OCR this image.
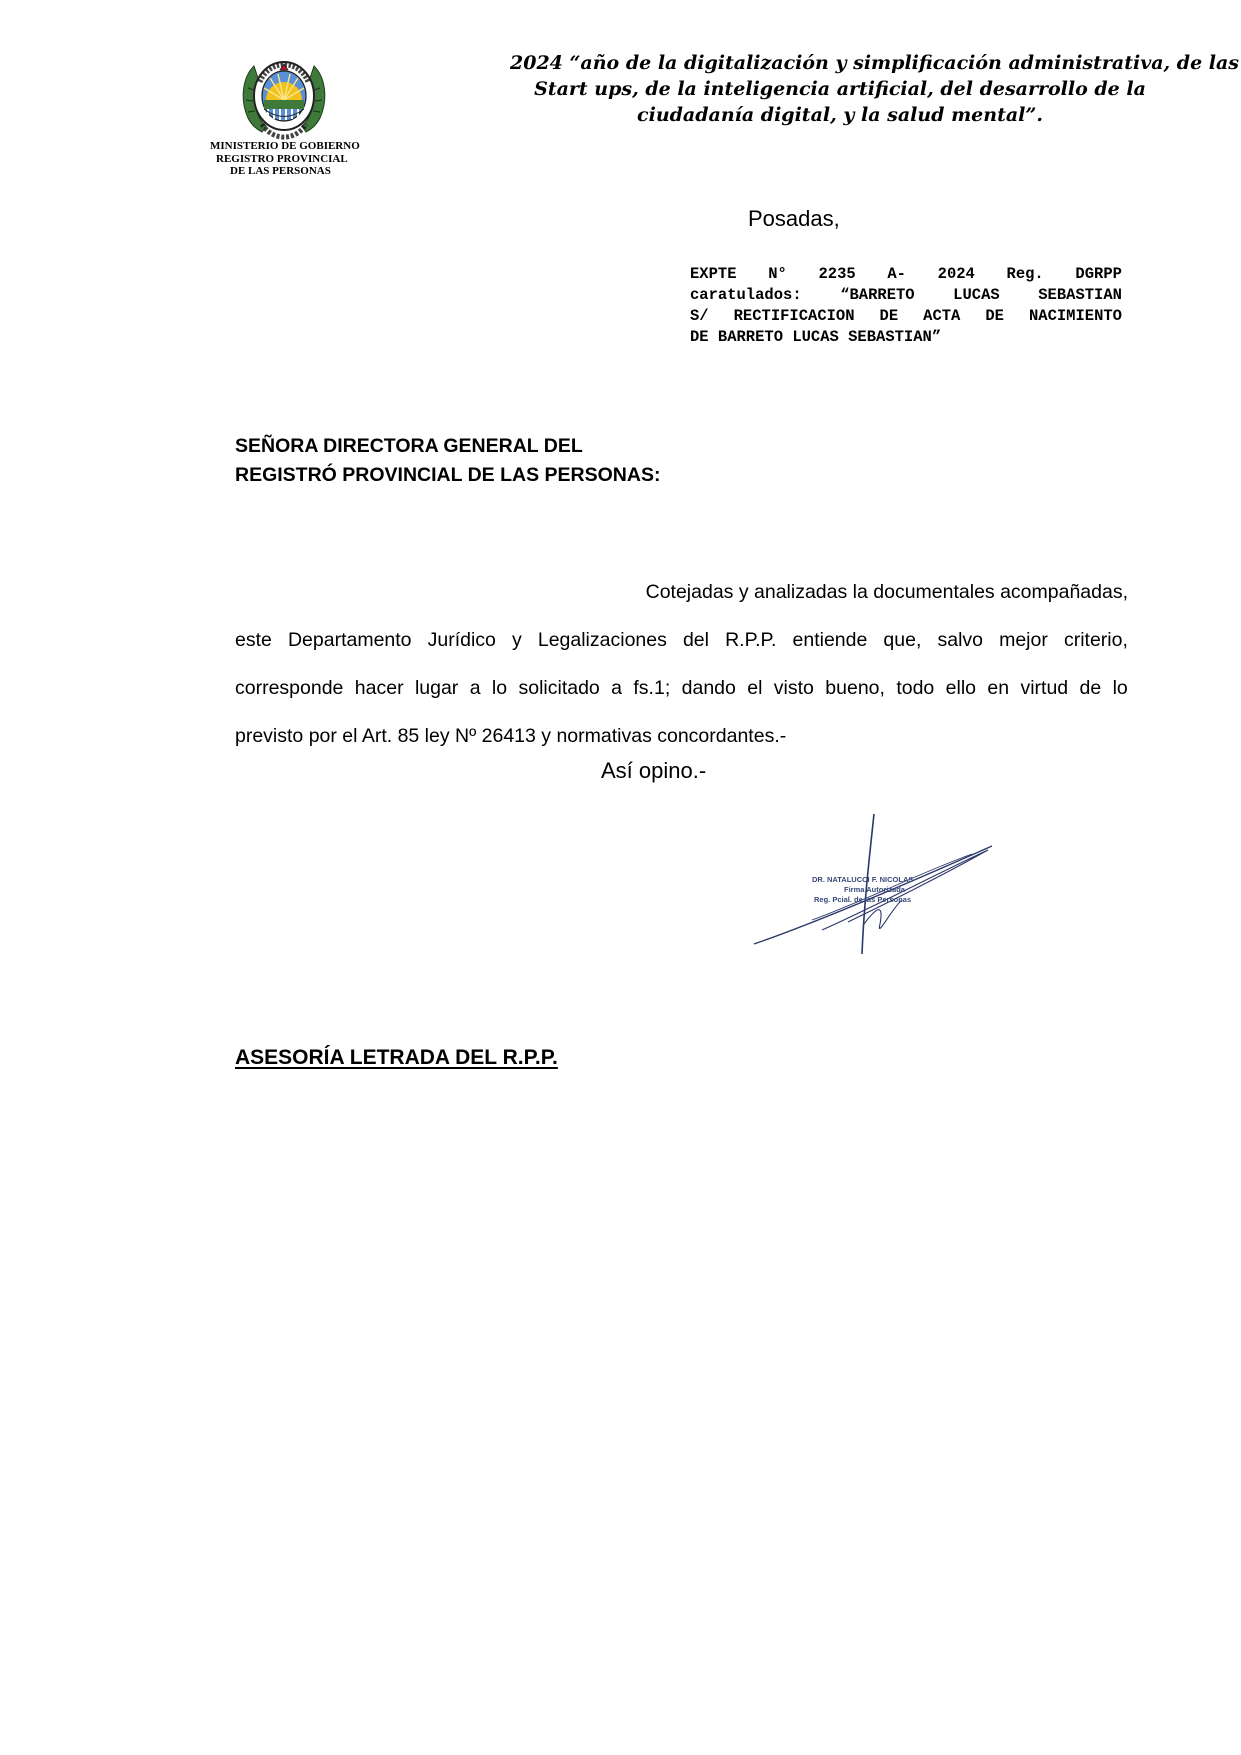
MINISTERIO DE GOBIERNO
REGISTRO PROVINCIAL
DE LAS PERSONAS
2024 “año de la digitalización y simplificación administrativa, de las
Start ups, de la inteligencia artificial, del desarrollo de la
ciudadanía digital, y la salud mental”.
Posadas,
EXPTE N° 2235 A- 2024 Reg. DGRPP
caratulados: “BARRETO LUCAS SEBASTIAN
S/ RECTIFICACION DE ACTA DE NACIMIENTO
DE BARRETO LUCAS SEBASTIAN”
SEÑORA DIRECTORA GENERAL DEL
REGISTRÓ PROVINCIAL DE LAS PERSONAS:
Cotejadas y analizadas la documentales acompañadas,
este Departamento Jurídico y Legalizaciones del R.P.P. entiende que, salvo mejor criterio,
corresponde hacer lugar a lo solicitado a fs.1; dando el visto bueno, todo ello en virtud de lo
previsto por el Art. 85 ley Nº 26413 y normativas concordantes.-
Así opino.-
DR. NATALUCCI F. NICOLAS
Firma Autorizada
Reg. Pcial. de las Personas
ASESORÍA LETRADA DEL R.P.P.
